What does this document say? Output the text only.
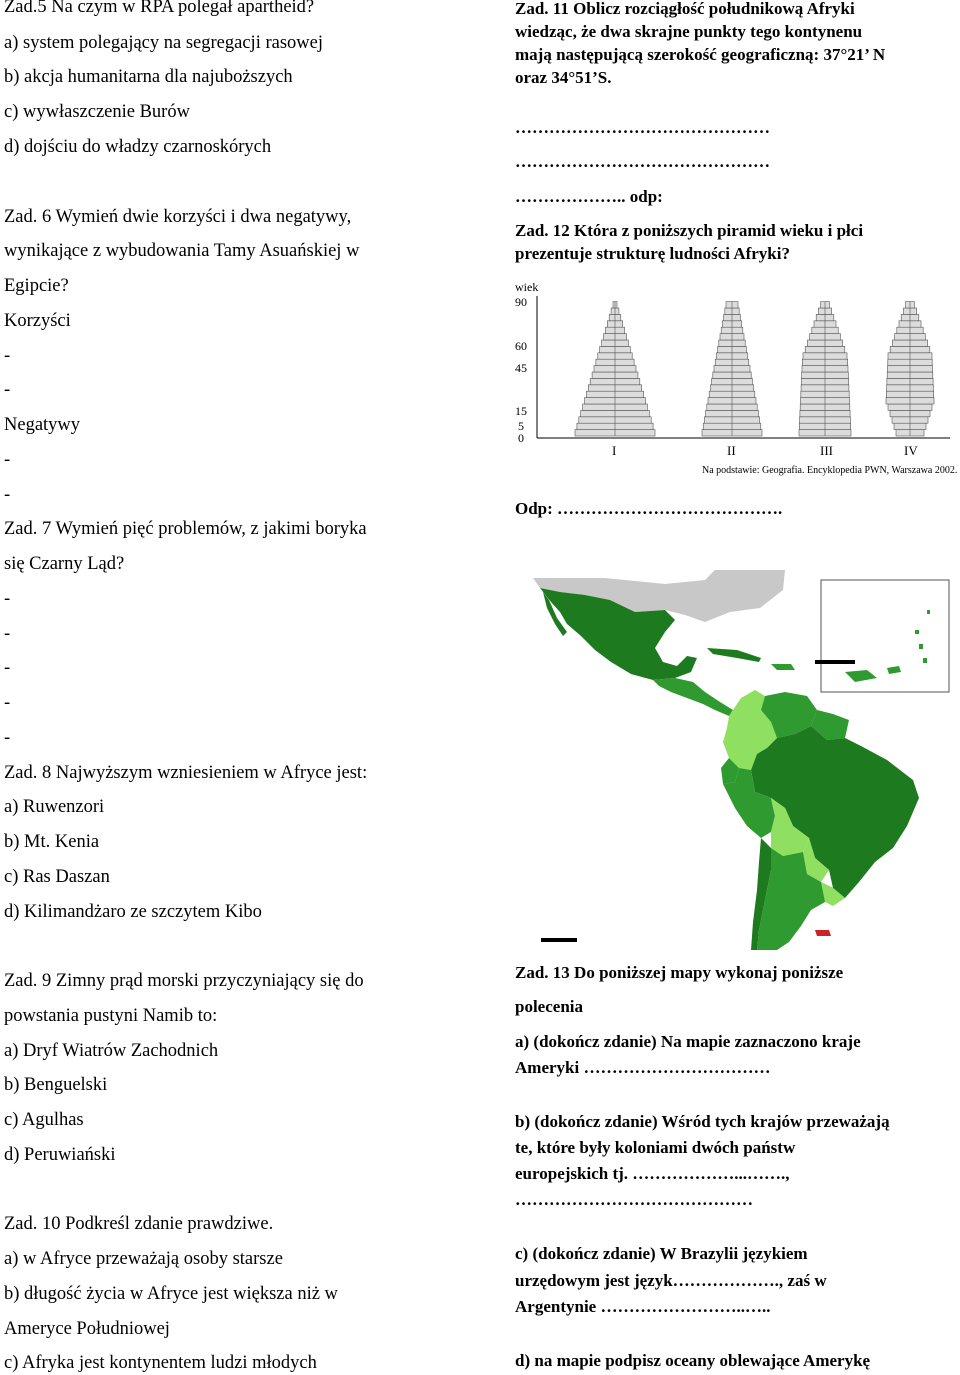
Zad.5 Na czym w RPA polegał apartheid?
a) system polegający na segregacji rasowej
b) akcja humanitarna dla najuboższych
c) wywłaszczenie Burów
d) dojściu do władzy czarnoskórych
Zad. 6 Wymień dwie korzyści i dwa negatywy,
wynikające z wybudowania Tamy Asuańskiej w
Egipcie?
Korzyści
-
-
Negatywy
-
-
Zad. 7 Wymień pięć problemów, z jakimi boryka
się Czarny Ląd?
-
-
-
-
-
Zad. 8 Najwyższym wzniesieniem w Afryce jest:
a) Ruwenzori
b) Mt. Kenia
c) Ras Daszan
d) Kilimandżaro ze szczytem Kibo
Zad. 9 Zimny prąd morski przyczyniający się do
powstania pustyni Namib to:
a) Dryf Wiatrów Zachodnich
b) Benguelski
c) Agulhas
d) Peruwiański
Zad. 10 Podkreśl zdanie prawdziwe.
a) w Afryce przeważają osoby starsze
b) długość życia w Afryce jest większa niż w
Ameryce Południowej
c) Afryka jest kontynentem ludzi młodych
Zad. 11 Oblicz rozciągłość południkową Afryki
wiedząc, że dwa skrajne punkty tego kontynenu
mają następującą szerokość geograficzną: 37°21’ N
oraz 34°51’S.
………………………………………
………………………………………
……………….. odp:
Zad. 12 Która z poniższych piramid wieku i płci
prezentuje strukturę ludności Afryki?
wiek
90
60
45
15
5
0
I	II	III	IV
Na podstawie: Geografia. Encyklopedia PWN, Warszawa 2002.
Odp: ………………………………….
Zad. 13 Do poniższej mapy wykonaj poniższe
polecenia
a) (dokończ zdanie) Na mapie zaznaczono kraje
Ameryki ……………………………
b) (dokończ zdanie) Wśród tych krajów przeważają
te, które były koloniami dwóch państw
europejskich tj. ………………...…….,
……………………………………
c) (dokończ zdanie) W Brazylii językiem
urzędowym jest język………………., zaś w
Argentynie ……………………..…..
d) na mapie podpisz oceany oblewające Amerykę
